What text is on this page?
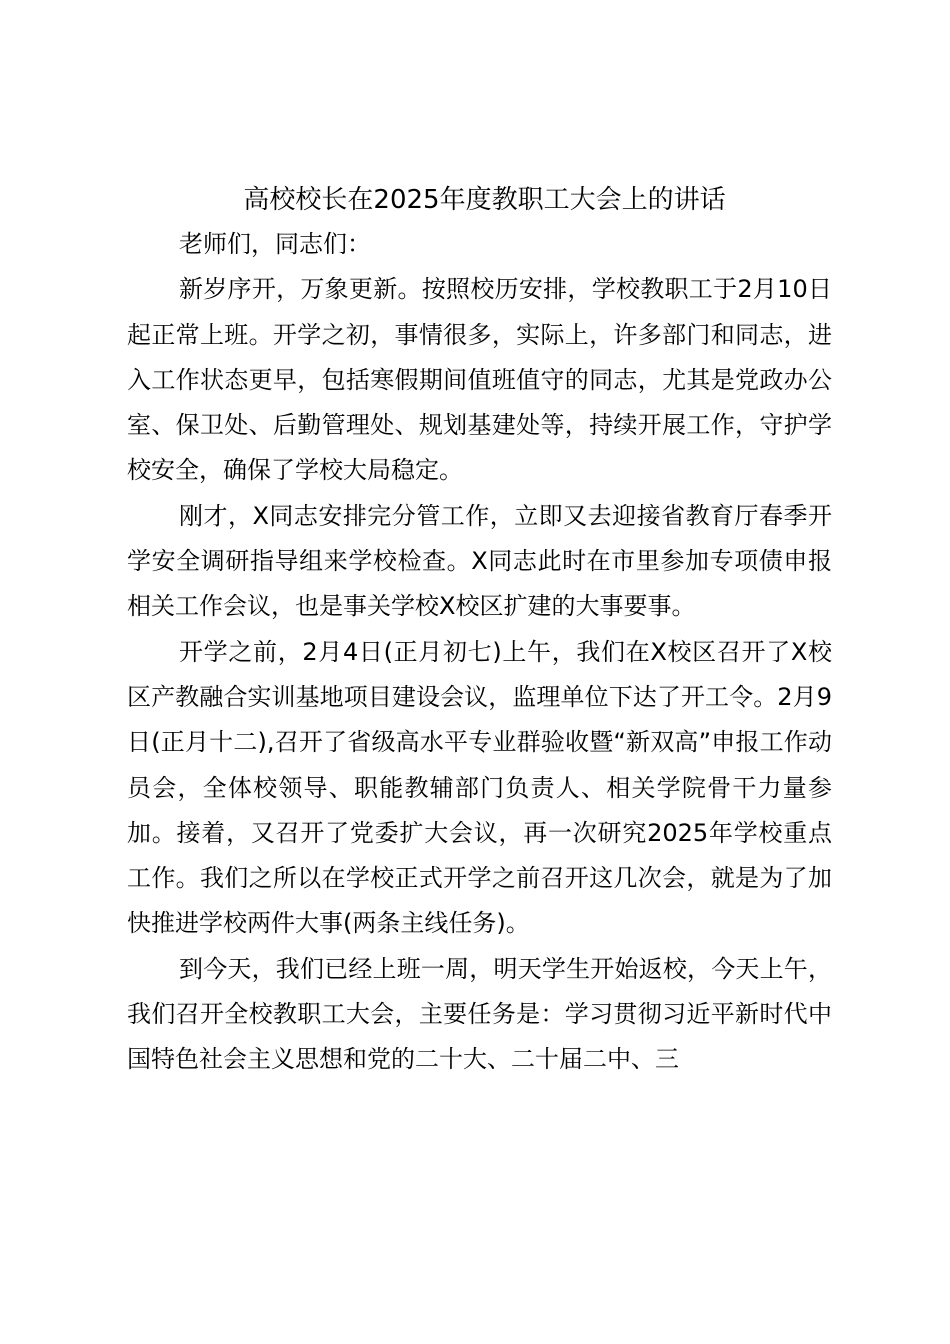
高校校长在2025年度教职工大会上的讲话

老师们，同志们：

新岁序开，万象更新。按照校历安排，学校教职工于2月10日起正常上班。开学之初，事情很多，实际上，许多部门和同志，进入工作状态更早，包括寒假期间值班值守的同志，尤其是党政办公室、保卫处、后勤管理处、规划基建处等，持续开展工作，守护学校安全，确保了学校大局稳定。

刚才，X同志安排完分管工作，立即又去迎接省教育厅春季开学安全调研指导组来学校检查。X同志此时在市里参加专项债申报相关工作会议，也是事关学校X校区扩建的大事要事。

开学之前，2月4日(正月初七)上午，我们在X校区召开了X校区产教融合实训基地项目建设会议，监理单位下达了开工令。2月9日(正月十二),召开了省级高水平专业群验收暨“新双高”申报工作动员会，全体校领导、职能教辅部门负责人、相关学院骨干力量参加。接着，又召开了党委扩大会议，再一次研究2025年学校重点工作。我们之所以在学校正式开学之前召开这几次会，就是为了加快推进学校两件大事(两条主线任务)。

到今天，我们已经上班一周，明天学生开始返校，今天上午，我们召开全校教职工大会，主要任务是：学习贯彻习近平新时代中国特色社会主义思想和党的二十大、二十届二中、三
